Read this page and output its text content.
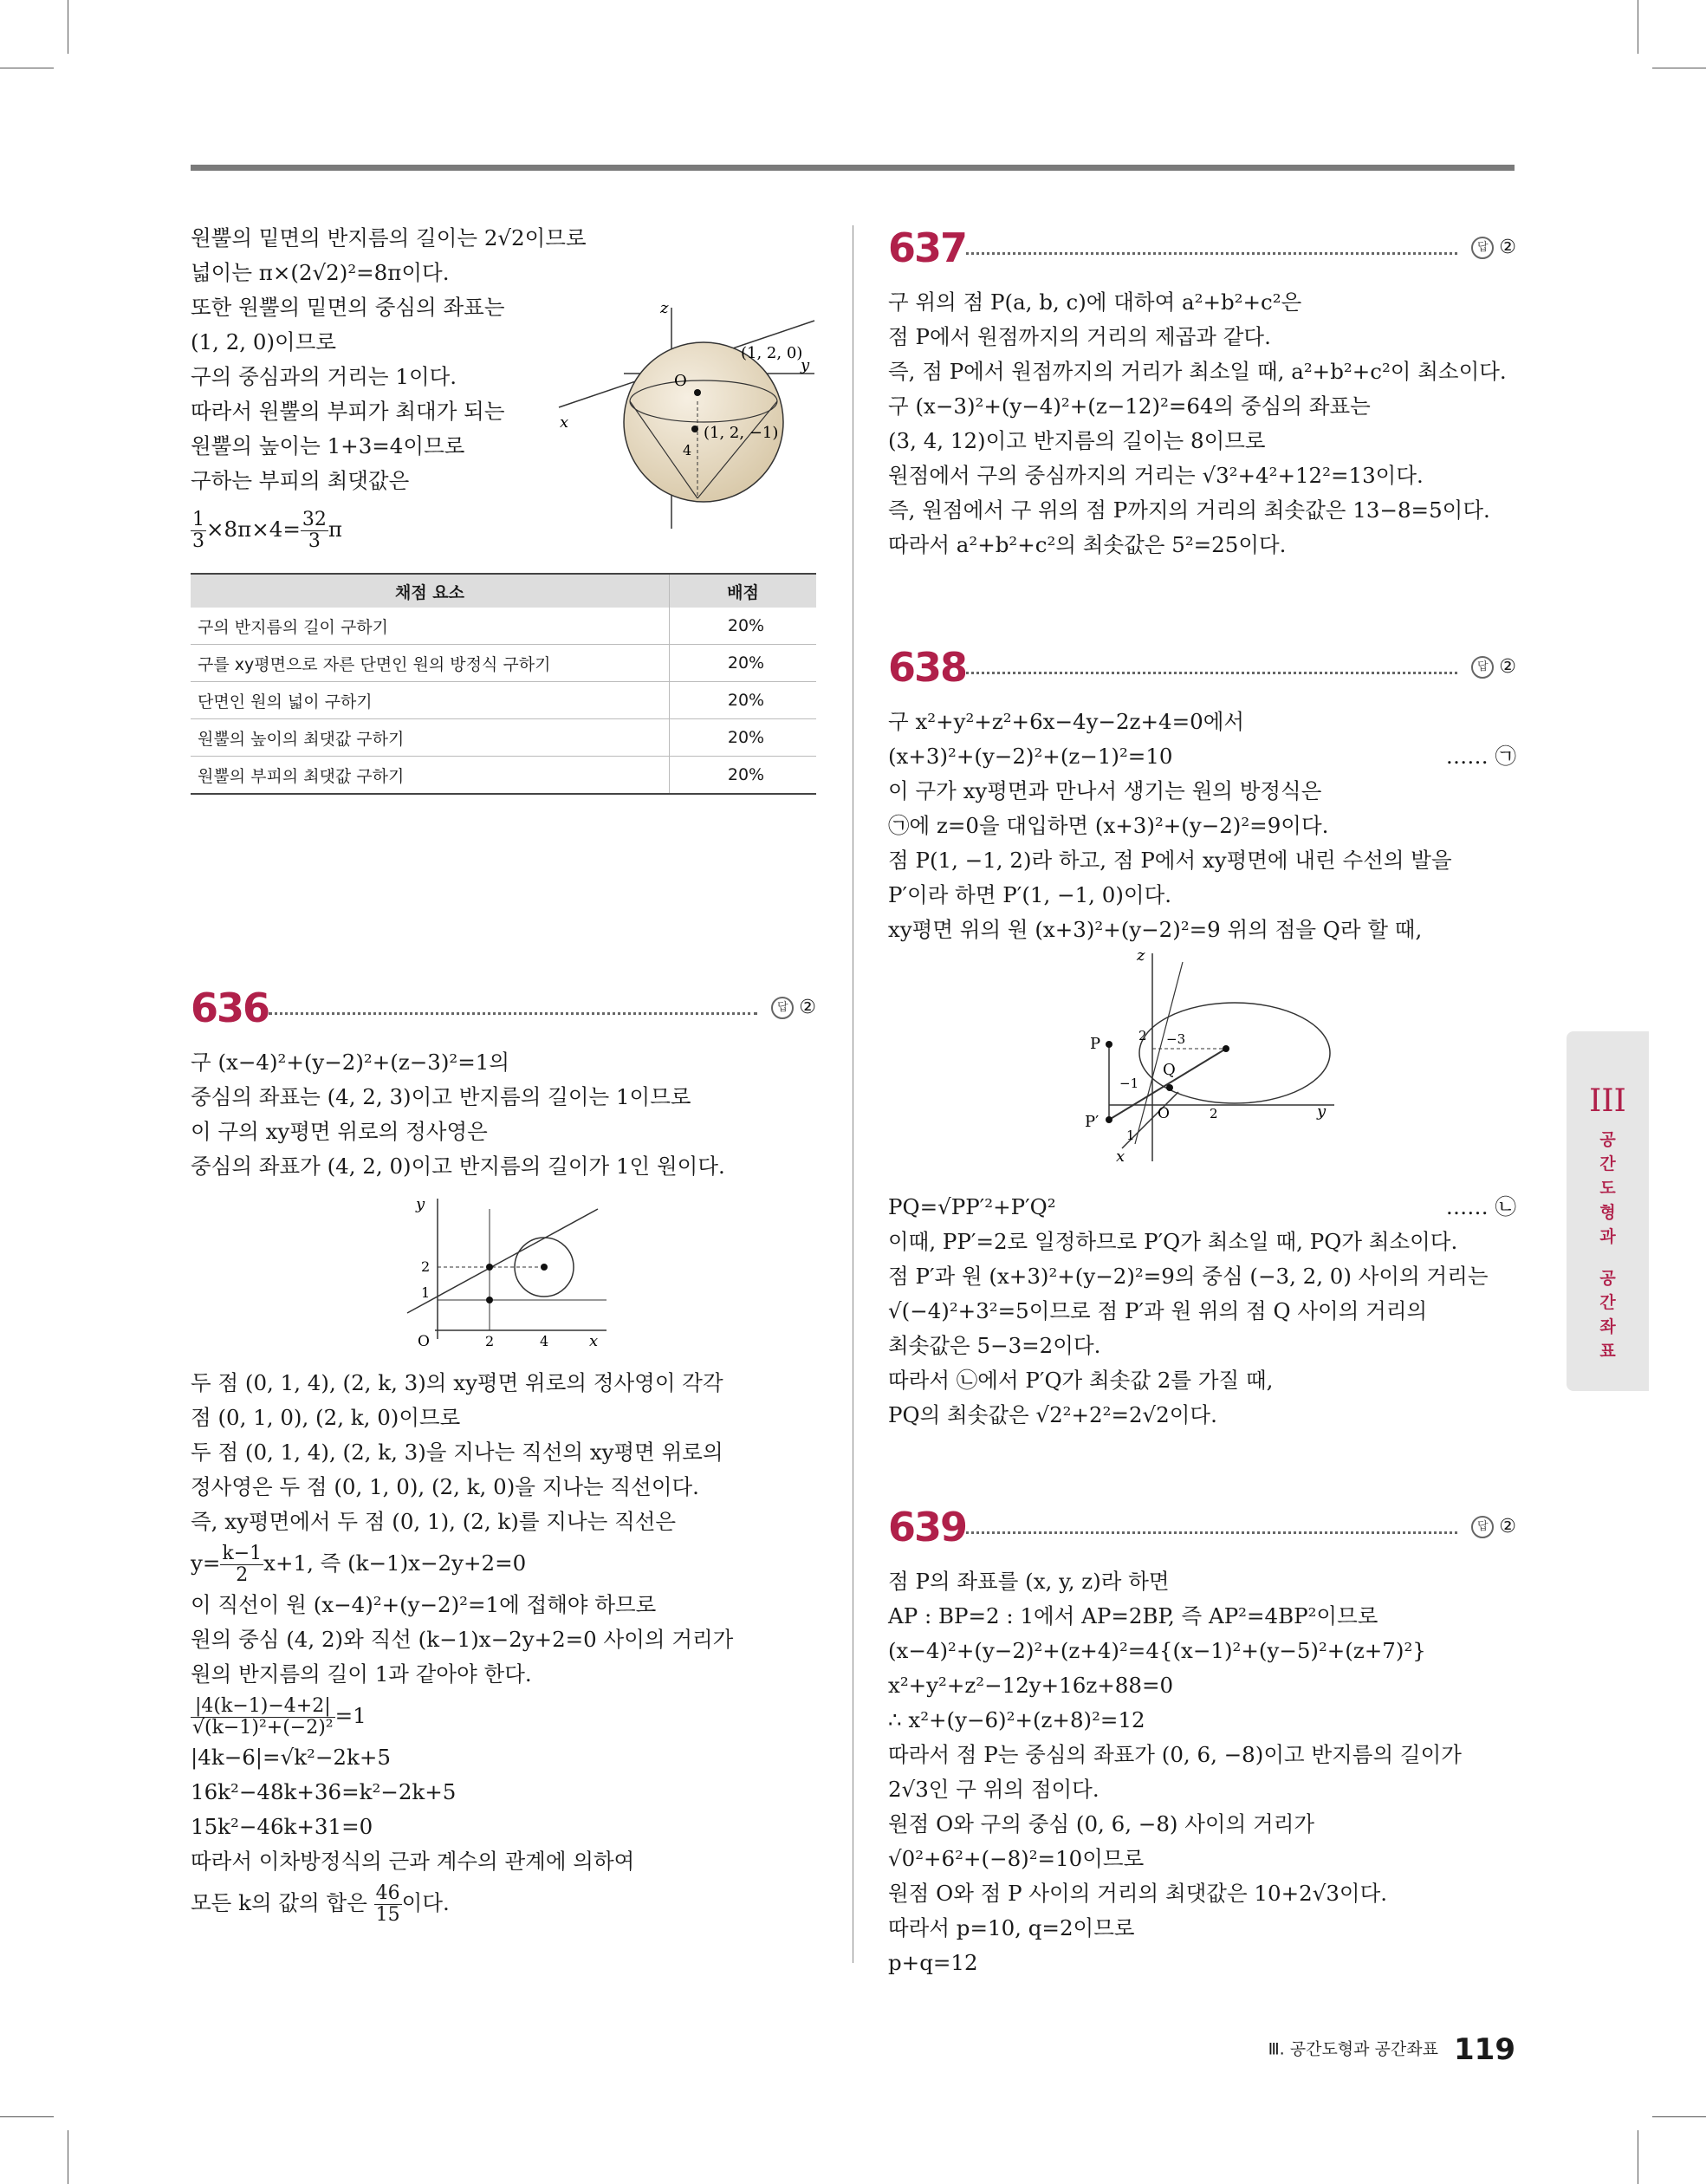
원뿔의 밑면의 반지름의 길이는 2√2이므로
넓이는 π×(2√2)²=8π이다.
또한 원뿔의 밑면의 중심의 좌표는
(1, 2, 0)이므로
구의 중심과의 거리는 1이다.
따라서 원뿔의 부피가 최대가 되는
원뿔의 높이는 1+3=4이므로
구하는 부피의 최댓값은
$\frac{1}{3} \times 8\pi\times 4= \frac{32}{3}$ π
채점 요소	배점
구의 반지름의 길이 구하기	20%
구를 xy평면으로 자른 단면인 원의 방정식 구하기	20%
단면인 원의 넓이 구하기	20%
원뿔의 높이의 최댓값 구하기	20%
원뿔의 부피의 최댓값 구하기	20%
636	답 ②
구 (x−4)²+(y−2)²+(z−3)²=1의
중심의 좌표는 (4, 2, 3)이고 반지름의 길이는 1이므로
이 구의 xy평면 위로의 정사영은
중심의 좌표가 (4, 2, 0)이고 반지름의 길이가 1인 원이다.
두 점 (0, 1, 4), (2, k, 3)의 xy평면 위로의 정사영이 각각
점 (0, 1, 0), (2, k, 0)이므로
두 점 (0, 1, 4), (2, k, 3)을 지나는 직선의 xy평면 위로의
정사영은 두 점 (0, 1, 0), (2, k, 0)을 지나는 직선이다.
즉, xy평면에서 두 점 (0, 1), (2, k)를 지나는 직선은
$y= \frac{k-1}{2} x+1$, 즉 (k−1)x−2y+2=0
이 직선이 원 (x−4)²+(y−2)²=1에 접해야 하므로
원의 중심 (4, 2)와 직선 (k−1)x−2y+2=0 사이의 거리가
원의 반지름의 길이 1과 같아야 한다.
$\frac{|4(k-1)-4+2|}{\text{√(k−1)²+(−2)²}} =1$
|4k−6|=√k²−2k+5
16k²−48k+36=k²−2k+5
15k²−46k+31=0
따라서 이차방정식의 근과 계수의 관계에 의하여
모든 k의 값의 합은 $\frac{46}{15}$ 이다.
z
x
y
O
(1, 2, 0)
(1, 2, −1)
4
y
x
O
2
1
2	4
637	답 ②
구 위의 점 P(a, b, c)에 대하여 a²+b²+c²은
점 P에서 원점까지의 거리의 제곱과 같다.
즉, 점 P에서 원점까지의 거리가 최소일 때, a²+b²+c²이 최소이다.
구 (x−3)²+(y−4)²+(z−12)²=64의 중심의 좌표는
(3, 4, 12)이고 반지름의 길이는 8이므로
원점에서 구의 중심까지의 거리는 √3²+4²+12²=13이다.
즉, 원점에서 구 위의 점 P까지의 거리의 최솟값은 13−8=5이다.
따라서 a²+b²+c²의 최솟값은 5²=25이다.
638	답 ②
구 x²+y²+z²+6x−4y−2z+4=0에서
(x+3)²+(y−2)²+(z−1)²=10	…… ㉠
이 구가 xy평면과 만나서 생기는 원의 방정식은
㉠에 z=0을 대입하면 (x+3)²+(y−2)²=9이다.
점 P(1, −1, 2)라 하고, 점 P에서 xy평면에 내린 수선의 발을
P′이라 하면 P′(1, −1, 0)이다.
xy평면 위의 원 (x+3)²+(y−2)²=9 위의 점을 Q라 할 때,
PQ=√PP′²+P′Q²	…… ㉡
이때, PP′=2로 일정하므로 P′Q가 최소일 때, PQ가 최소이다.
점 P′과 원 (x+3)²+(y−2)²=9의 중심 (−3, 2, 0) 사이의 거리는
√(−4)²+3²=5이므로 점 P′과 원 위의 점 Q 사이의 거리의
최솟값은 5−3=2이다.
따라서 ㉡에서 P′Q가 최솟값 2를 가질 때,
PQ의 최솟값은 √2²+2²=2√2이다.
639	답 ②
점 P의 좌표를 (x, y, z)라 하면
AP : BP=2 : 1에서 AP=2BP, 즉 AP²=4BP²이므로
(x−4)²+(y−2)²+(z+4)²=4{(x−1)²+(y−5)²+(z+7)²}
x²+y²+z²−12y+16z+88=0
∴ x²+(y−6)²+(z+8)²=12
따라서 점 P는 중심의 좌표가 (0, 6, −8)이고 반지름의 길이가
2√3인 구 위의 점이다.
원점 O와 구의 중심 (0, 6, −8) 사이의 거리가
√0²+6²+(−8)²=10이므로
원점 O와 점 P 사이의 거리의 최댓값은 10+2√3이다.
따라서 p=10, q=2이므로
p+q=12
z
y
x
O
P
P′
Q
2 −3
−1
2
1
III
공
간
도
형
과
공
간
좌
표
Ⅲ. 공간도형과 공간좌표 119
